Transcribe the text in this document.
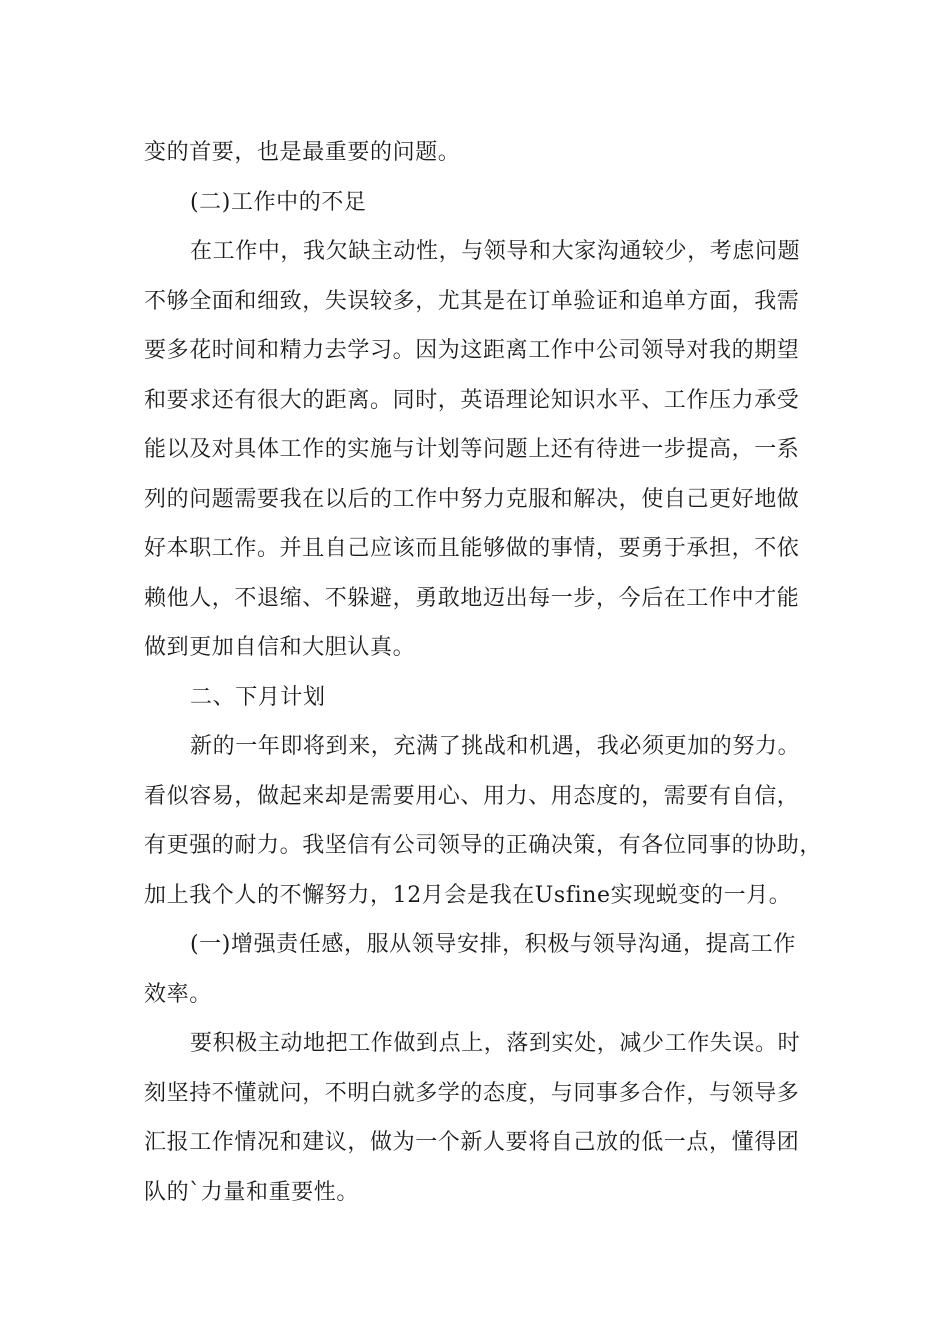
变的首要，也是最重要的问题。
(二)工作中的不足
在工作中，我欠缺主动性，与领导和大家沟通较少，考虑问题
不够全面和细致，失误较多，尤其是在订单验证和追单方面，我需
要多花时间和精力去学习。因为这距离工作中公司领导对我的期望
和要求还有很大的距离。同时，英语理论知识水平、工作压力承受
能以及对具体工作的实施与计划等问题上还有待进一步提高，一系
列的问题需要我在以后的工作中努力克服和解决，使自己更好地做
好本职工作。并且自己应该而且能够做的事情，要勇于承担，不依
赖他人，不退缩、不躲避，勇敢地迈出每一步，今后在工作中才能
做到更加自信和大胆认真。
二、下月计划
新的一年即将到来，充满了挑战和机遇，我必须更加的努力。
看似容易，做起来却是需要用心、用力、用态度的，需要有自信，
有更强的耐力。我坚信有公司领导的正确决策，有各位同事的协助，
加上我个人的不懈努力，12月会是我在Usfine实现蜕变的一月。
(一)增强责任感，服从领导安排，积极与领导沟通，提高工作
效率。
要积极主动地把工作做到点上，落到实处，减少工作失误。时
刻坚持不懂就问，不明白就多学的态度，与同事多合作，与领导多
汇报工作情况和建议，做为一个新人要将自己放的低一点，懂得团
队的`力量和重要性。
